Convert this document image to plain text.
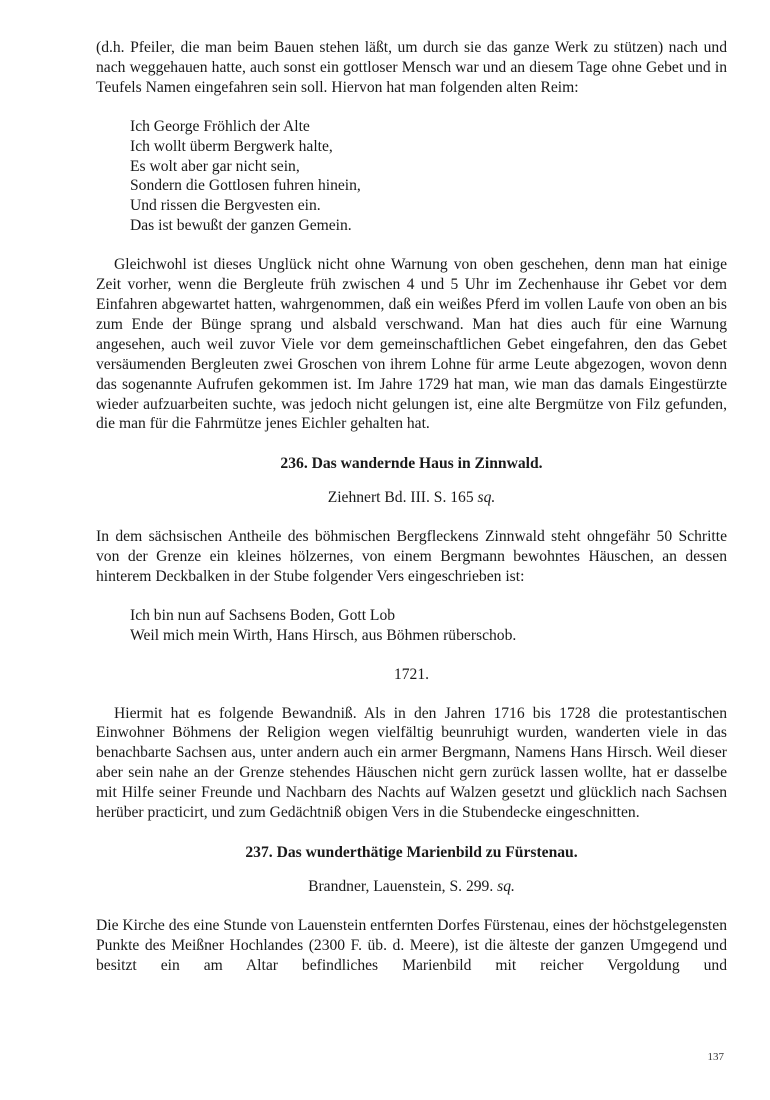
(d.h. Pfeiler, die man beim Bauen stehen läßt, um durch sie das ganze Werk zu stützen) nach und nach weggehauen hatte, auch sonst ein gottloser Mensch war und an diesem Tage ohne Gebet und in Teufels Namen eingefahren sein soll. Hiervon hat man folgenden alten Reim:

Ich George Fröhlich der Alte
Ich wollt überm Bergwerk halte,
Es wolt aber gar nicht sein,
Sondern die Gottlosen fuhren hinein,
Und rissen die Bergvesten ein.
Das ist bewußt der ganzen Gemein.

Gleichwohl ist dieses Unglück nicht ohne Warnung von oben geschehen, denn man hat einige Zeit vorher, wenn die Bergleute früh zwischen 4 und 5 Uhr im Zechenhause ihr Gebet vor dem Einfahren abgewartet hatten, wahrgenommen, daß ein weißes Pferd im vollen Laufe von oben an bis zum Ende der Bünge sprang und alsbald verschwand. Man hat dies auch für eine Warnung angesehen, auch weil zuvor Viele vor dem gemeinschaftlichen Gebet eingefahren, den das Gebet versäumenden Bergleuten zwei Groschen von ihrem Lohne für arme Leute abgezogen, wovon denn das sogenannte Aufrufen gekommen ist. Im Jahre 1729 hat man, wie man das damals Eingestürzte wieder aufzuarbeiten suchte, was jedoch nicht gelungen ist, eine alte Bergmütze von Filz gefunden, die man für die Fahrmütze jenes Eichler gehalten hat.

236. Das wandernde Haus in Zinnwald.
Ziehnert Bd. III. S. 165 sq.

In dem sächsischen Antheile des böhmischen Bergfleckens Zinnwald steht ohngefähr 50 Schritte von der Grenze ein kleines hölzernes, von einem Bergmann bewohntes Häuschen, an dessen hinterem Deckbalken in der Stube folgender Vers eingeschrieben ist:

Ich bin nun auf Sachsens Boden, Gott Lob
Weil mich mein Wirth, Hans Hirsch, aus Böhmen rüberschob.
1721.

Hiermit hat es folgende Bewandniß. Als in den Jahren 1716 bis 1728 die protestantischen Einwohner Böhmens der Religion wegen vielfältig beunruhigt wurden, wanderten viele in das benachbarte Sachsen aus, unter andern auch ein armer Bergmann, Namens Hans Hirsch. Weil dieser aber sein nahe an der Grenze stehendes Häuschen nicht gern zurück lassen wollte, hat er dasselbe mit Hilfe seiner Freunde und Nachbarn des Nachts auf Walzen gesetzt und glücklich nach Sachsen herüber practicirt, und zum Gedächtniß obigen Vers in die Stubendecke eingeschnitten.

237. Das wunderthätige Marienbild zu Fürstenau.
Brandner, Lauenstein, S. 299. sq.

Die Kirche des eine Stunde von Lauenstein entfernten Dorfes Fürstenau, eines der höchstgelegensten Punkte des Meißner Hochlandes (2300 F. üb. d. Meere), ist die älteste der ganzen Umgegend und besitzt ein am Altar befindliches Marienbild mit reicher Vergoldung und

137
